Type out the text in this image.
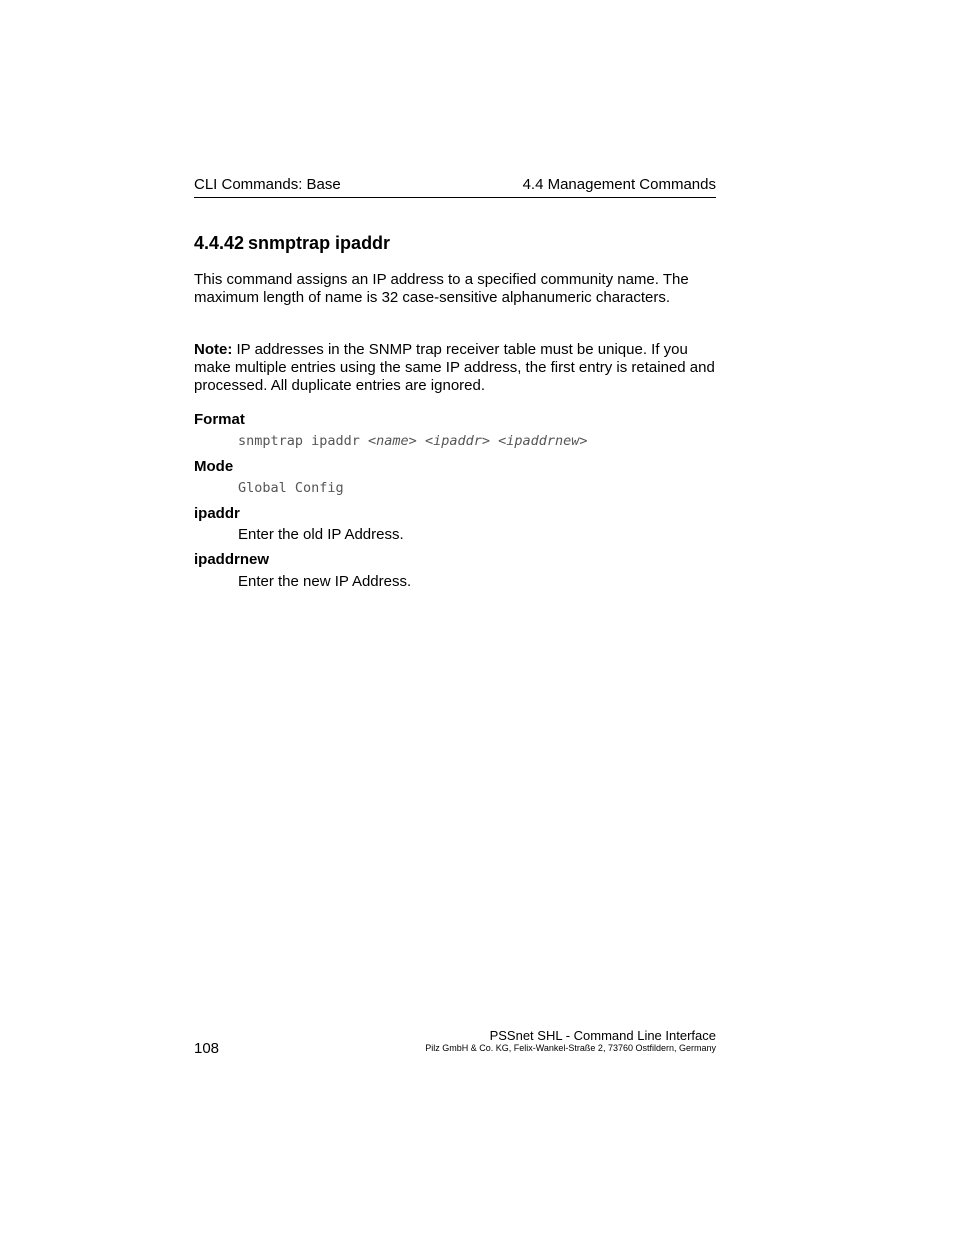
CLI Commands: Base	4.4 Management Commands
4.4.42 snmptrap ipaddr

This command assigns an IP address to a specified community name. The maximum length of name is 32 case-sensitive alphanumeric characters.

Note: IP addresses in the SNMP trap receiver table must be unique. If you make multiple entries using the same IP address, the first entry is retained and processed. All duplicate entries are ignored.

Format

snmptrap ipaddr <name> <ipaddr> <ipaddrnew>

Mode

Global Config

ipaddr

Enter the old IP Address.

ipaddrnew

Enter the new IP Address.

108
PSSnet SHL - Command Line Interface
Pilz GmbH & Co. KG, Felix-Wankel-Straße 2, 73760 Ostfildern, Germany
